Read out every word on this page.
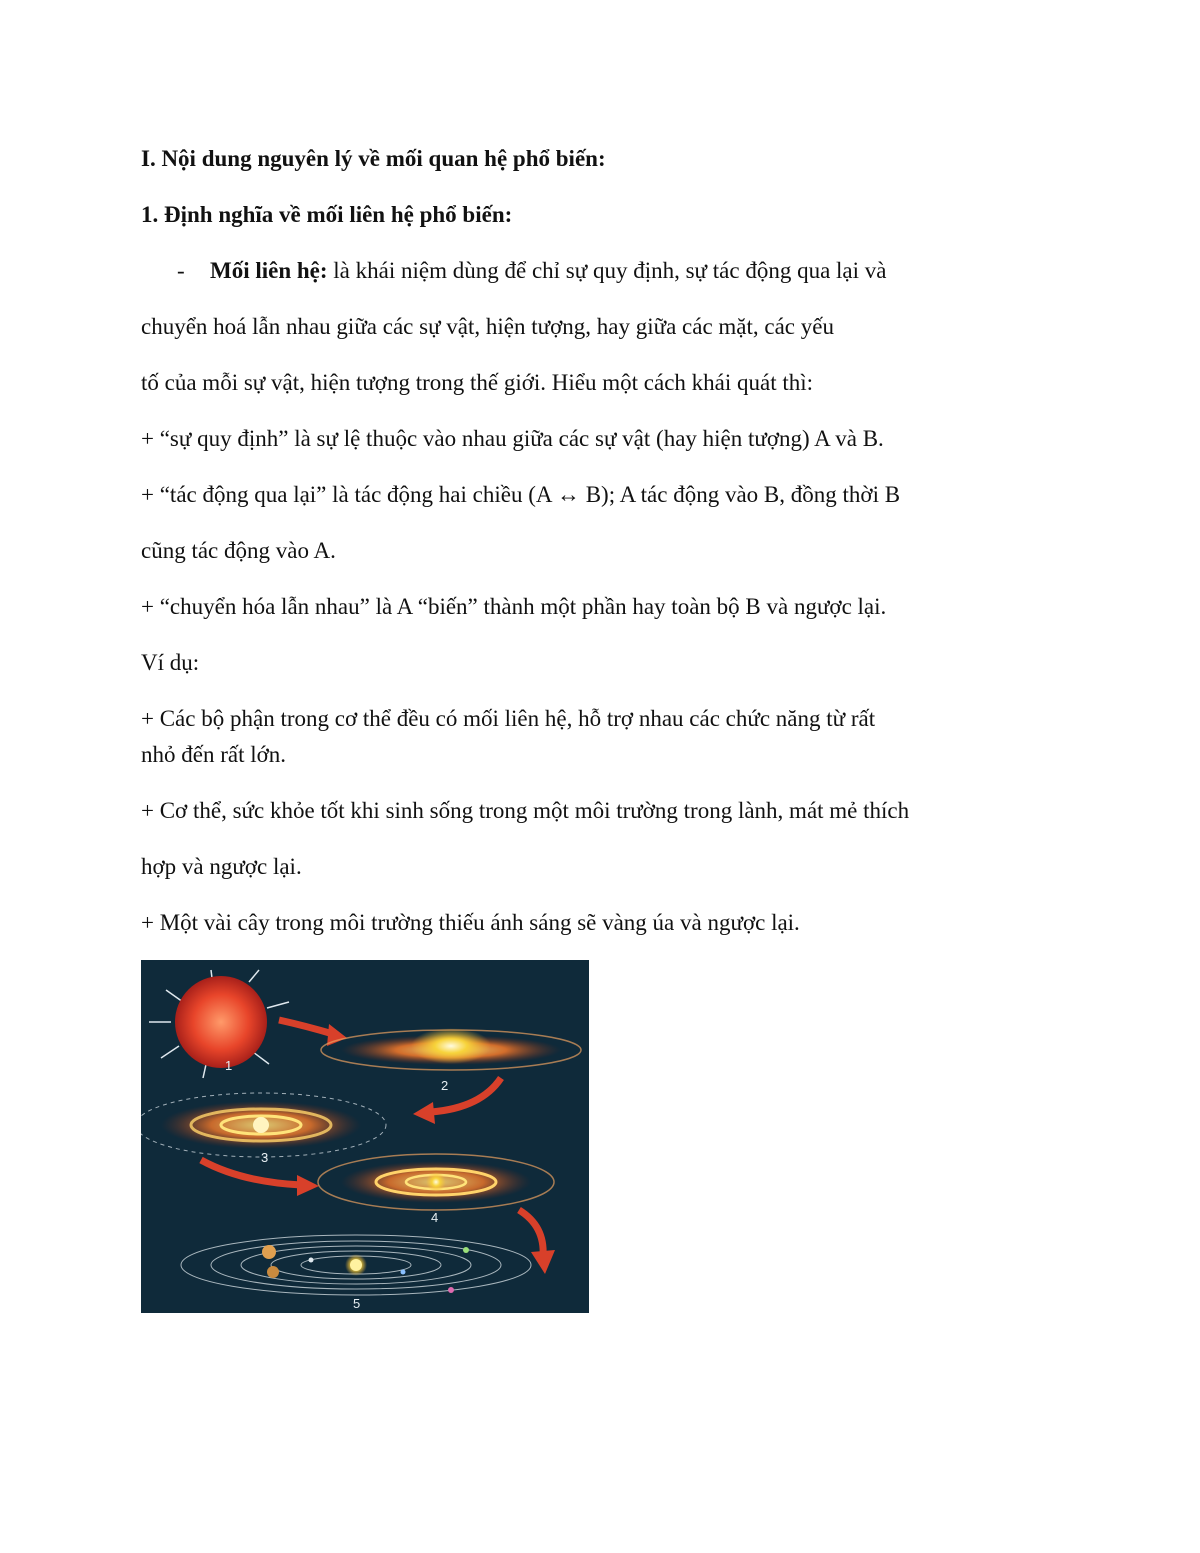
I. Nội dung nguyên lý về mối quan hệ phổ biến:
1. Định nghĩa về mối liên hệ phổ biến:
- Mối liên hệ: là khái niệm dùng để chỉ sự quy định, sự tác động qua lại và
chuyển hoá lẫn nhau giữa các sự vật, hiện tượng, hay giữa các mặt, các yếu
tố của mỗi sự vật, hiện tượng trong thế giới. Hiểu một cách khái quát thì:
+ “sự quy định” là sự lệ thuộc vào nhau giữa các sự vật (hay hiện tượng) A và B.
+ “tác động qua lại” là tác động hai chiều (A ↔ B); A tác động vào B, đồng thời B
cũng tác động vào A.
+ “chuyển hóa lẫn nhau” là A “biến” thành một phần hay toàn bộ B và ngược lại.
Ví dụ:
+ Các bộ phận trong cơ thể đều có mối liên hệ, hỗ trợ nhau các chức năng từ rất
nhỏ đến rất lớn.
+ Cơ thể, sức khỏe tốt khi sinh sống trong một môi trường trong lành, mát mẻ thích
hợp và ngược lại.
+ Một vài cây trong môi trường thiếu ánh sáng sẽ vàng úa và ngược lại.
1
2
3
4
5
